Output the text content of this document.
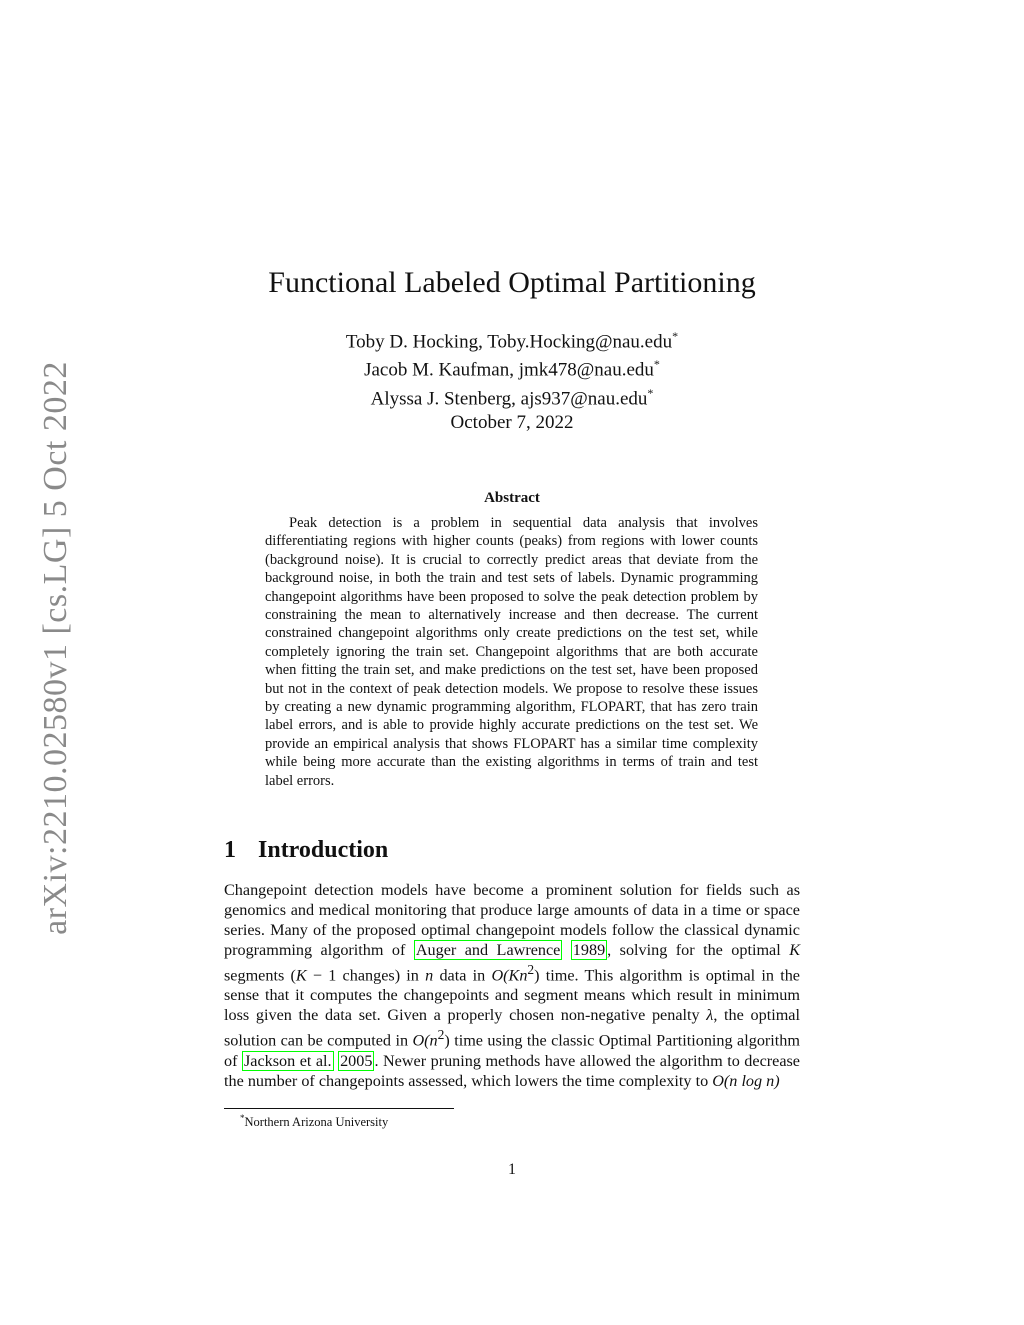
arXiv:2210.02580v1 [cs.LG] 5 Oct 2022
Functional Labeled Optimal Partitioning
Toby D. Hocking, Toby.Hocking@nau.edu*
Jacob M. Kaufman, jmk478@nau.edu*
Alyssa J. Stenberg, ajs937@nau.edu*
October 7, 2022
Abstract

Peak detection is a problem in sequential data analysis that involves differentiating regions with higher counts (peaks) from regions with lower counts (background noise). It is crucial to correctly predict areas that deviate from the background noise, in both the train and test sets of labels. Dynamic programming changepoint algorithms have been proposed to solve the peak detection problem by constraining the mean to alternatively increase and then decrease. The current constrained changepoint algorithms only create predictions on the test set, while completely ignoring the train set. Changepoint algorithms that are both accurate when fitting the train set, and make predictions on the test set, have been proposed but not in the context of peak detection models. We propose to resolve these issues by creating a new dynamic programming algorithm, FLOPART, that has zero train label errors, and is able to provide highly accurate predictions on the test set. We provide an empirical analysis that shows FLOPART has a similar time complexity while being more accurate than the existing algorithms in terms of train and test label errors.

1 Introduction

Changepoint detection models have become a prominent solution for fields such as genomics and medical monitoring that produce large amounts of data in a time or space series. Many of the proposed optimal changepoint models follow the classical dynamic programming algorithm of Auger and Lawrence 1989 , solving for the optimal K segments (K − 1 changes) in n data in O(Kn$^2$) time. This algorithm is optimal in the sense that it computes the changepoints and segment means which result in minimum loss given the data set. Given a properly chosen non-negative penalty λ, the optimal solution can be computed in $O(n^2)$ time using the classic Optimal Partitioning algorithm of Jackson et al. 2005 . Newer pruning methods have allowed the algorithm to decrease the number of changepoints assessed, which lowers the time complexity to O(n log n)

*Northern Arizona University
1
